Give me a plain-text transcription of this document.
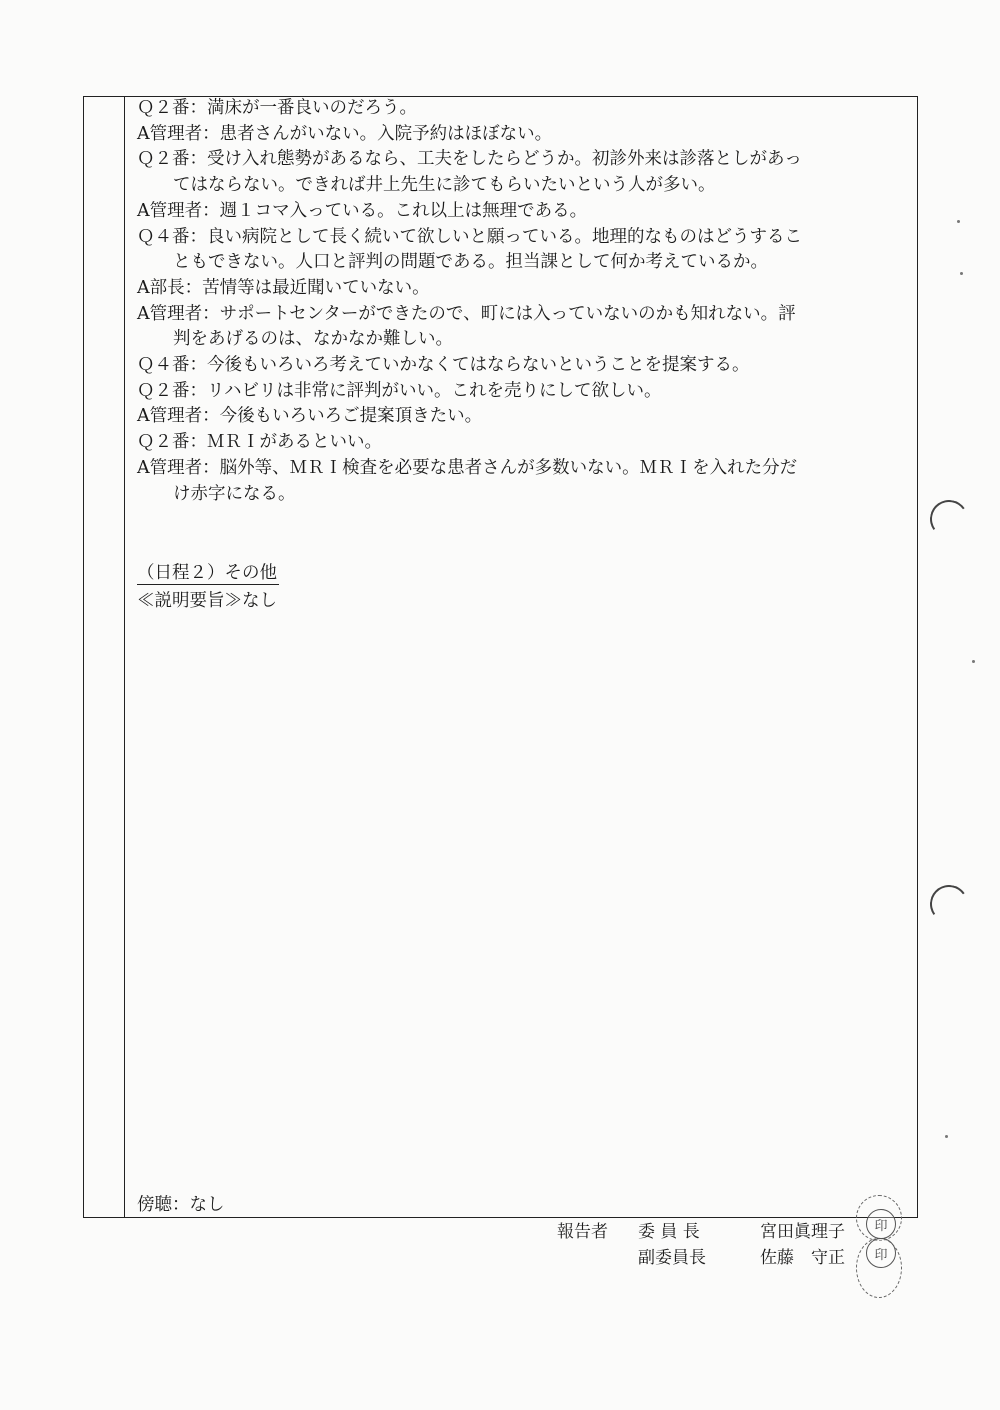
Ｑ２番： 満床が一番良いのだろう。
A管理者： 患者さんがいない。入院予約はほぼない。
Ｑ２番： 受け入れ態勢があるなら、工夫をしたらどうか。初診外来は診落としがあっ
てはならない。できれば井上先生に診てもらいたいという人が多い。
A管理者： 週１コマ入っている。これ以上は無理である。
Ｑ４番： 良い病院として長く続いて欲しいと願っている。地理的なものはどうするこ
ともできない。人口と評判の問題である。担当課として何か考えているか。
A部長： 苦情等は最近聞いていない。
A管理者： サポートセンターができたので、町には入っていないのかも知れない。評
判をあげるのは、なかなか難しい。
Ｑ４番： 今後もいろいろ考えていかなくてはならないということを提案する。
Ｑ２番： リハビリは非常に評判がいい。これを売りにして欲しい。
A管理者： 今後もいろいろご提案頂きたい。
Ｑ２番： ＭＲＩがあるといい。
A管理者： 脳外等、ＭＲＩ検査を必要な患者さんが多数いない。ＭＲＩを入れた分だ
け赤字になる。
（日程２）その他
≪説明要旨≫なし
傍聴：なし
報告者 委 員 長	宮田眞理子
副委員長	佐藤　守正
印
印
